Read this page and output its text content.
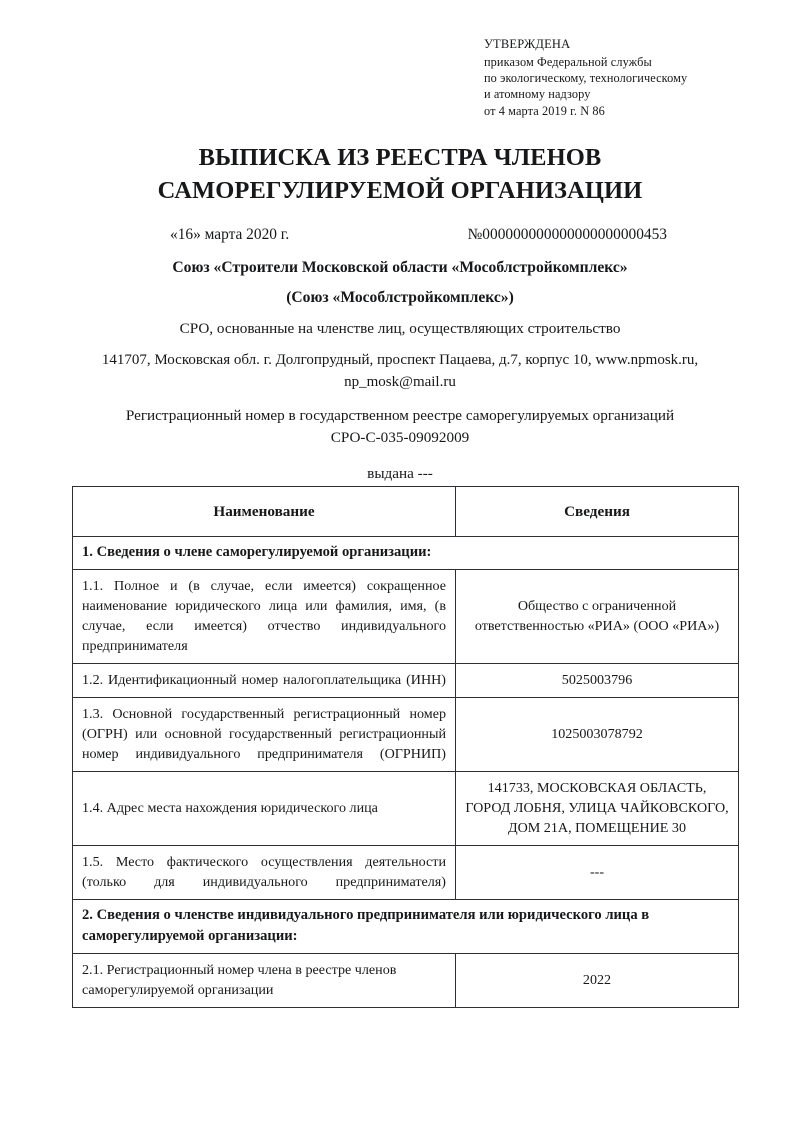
УТВЕРЖДЕНА
приказом Федеральной службы
по экологическому, технологическому
и атомному надзору
от 4 марта 2019 г. N 86
ВЫПИСКА ИЗ РЕЕСТРА ЧЛЕНОВ САМОРЕГУЛИРУЕМОЙ ОРГАНИЗАЦИИ
«16» марта 2020 г.	№000000000000000000000453
Союз «Строители Московской области «Мособлстройкомплекс»
(Союз «Мособлстройкомплекс»)
СРО, основанные на членстве лиц, осуществляющих строительство
141707, Московская обл. г. Долгопрудный, проспект Пацаева, д.7, корпус 10, www.npmosk.ru,
np_mosk@mail.ru
Регистрационный номер в государственном реестре саморегулируемых организаций
СРО-С-035-09092009
выдана ---
Наименование	Сведения
1. Сведения о члене саморегулируемой организации:	
1.1. Полное и (в случае, если имеется) сокращенное наименование юридического лица или фамилия, имя, (в случае, если имеется) отчество индивидуального предпринимателя	Общество с ограниченной ответственностью «РИА» (ООО «РИА»)
1.2. Идентификационный номер налогоплательщика (ИНН)	5025003796
1.3. Основной государственный регистрационный номер (ОГРН) или основной государственный регистрационный номер индивидуального предпринимателя (ОГРНИП)	1025003078792
1.4. Адрес места нахождения юридического лица	141733, МОСКОВСКАЯ ОБЛАСТЬ, ГОРОД ЛОБНЯ, УЛИЦА ЧАЙКОВСКОГО, ДОМ 21А, ПОМЕЩЕНИЕ 30
1.5. Место фактического осуществления деятельности (только для индивидуального предпринимателя)	---
2. Сведения о членстве индивидуального предпринимателя или юридического лица в саморегулируемой организации:	
2.1. Регистрационный номер члена в реестре членов саморегулируемой организации	2022
